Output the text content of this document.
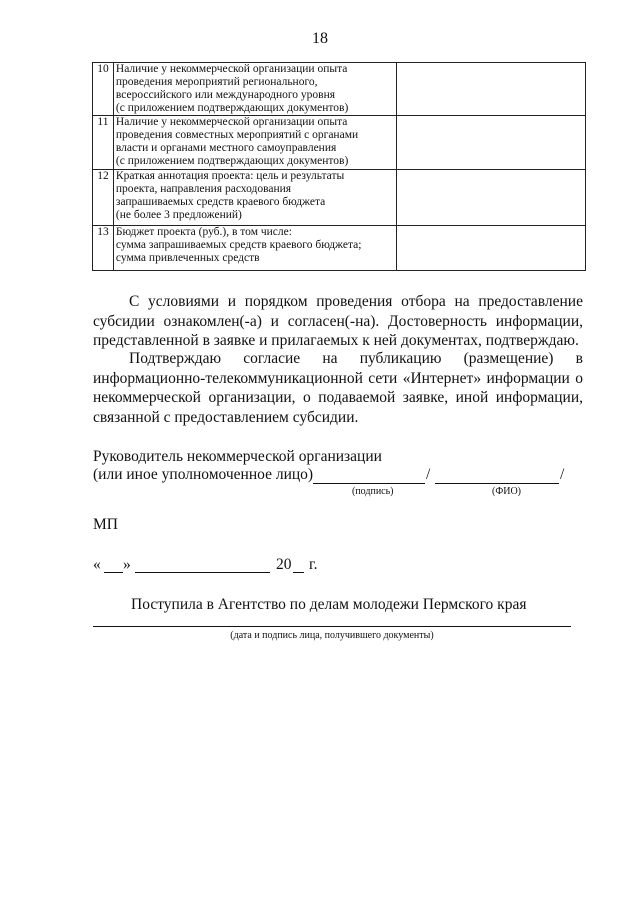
18
10	Наличие у некоммерческой организации опыта
проведения мероприятий регионального,
всероссийского или международного уровня
(с приложением подтверждающих документов)	
11	Наличие у некоммерческой организации опыта
проведения совместных мероприятий с органами
власти и органами местного самоуправления
(с приложением подтверждающих документов)	
12	Краткая аннотация проекта: цель и результаты
проекта, направления расходования
запрашиваемых средств краевого бюджета
(не более 3 предложений)	
13	Бюджет проекта (руб.), в том числе:
сумма запрашиваемых средств краевого бюджета;
сумма привлеченных средств	
С условиями и порядком проведения отбора на предоставление субсидии ознакомлен(-а) и согласен(-на). Достоверность информации, представленной в заявке и прилагаемых к ней документах, подтверждаю.
Подтверждаю согласие на публикацию (размещение) в информационно-телекоммуникационной сети «Интернет» информации о некоммерческой организации, о подаваемой заявке, иной информации, связанной с предоставлением субсидии.
Руководитель некоммерческой организации
(или иное уполномоченное лицо)	/	/
(подпись)	(ФИО)
МП
« »	20 г.
Поступила в Агентство по делам молодежи Пермского края
(дата и подпись лица, получившего документы)
